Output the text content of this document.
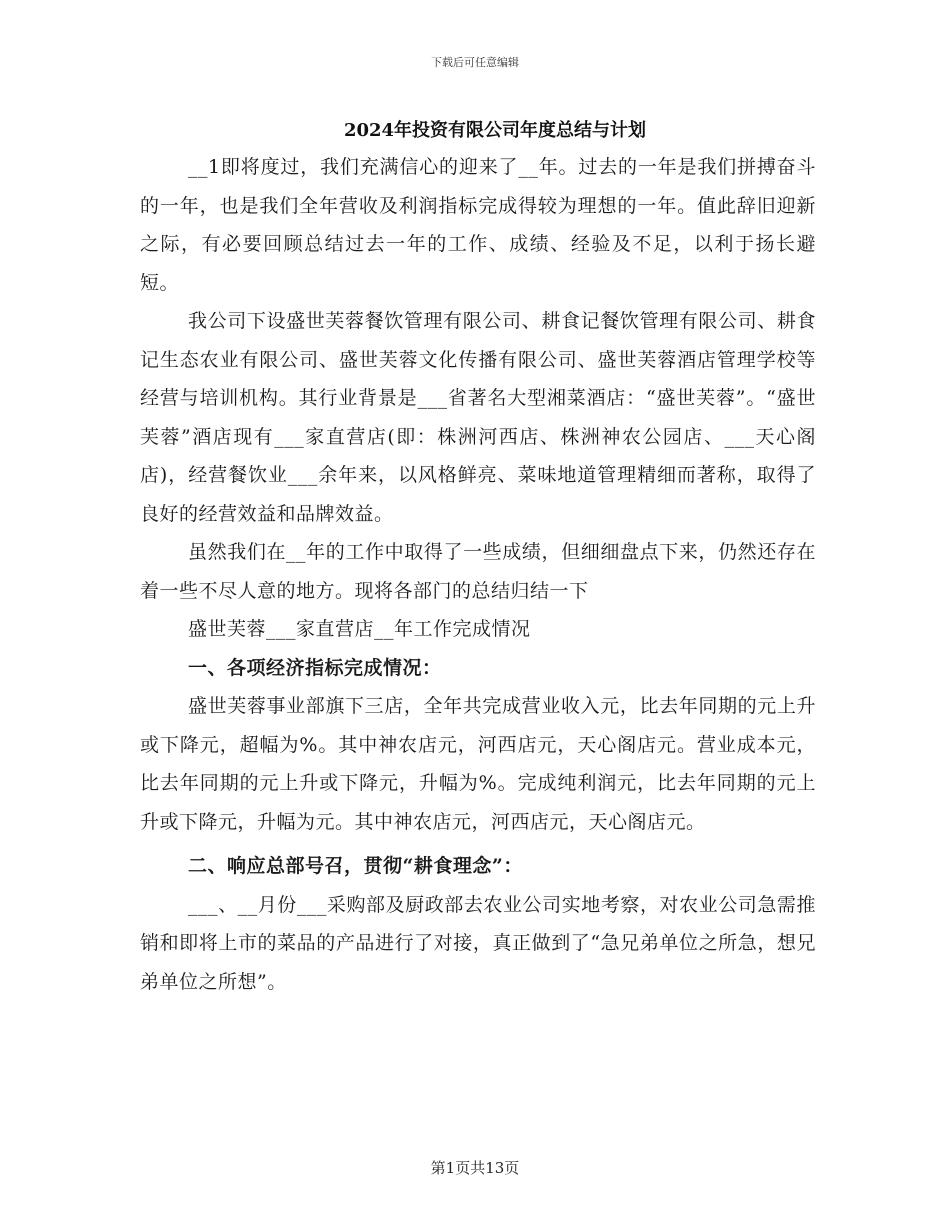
下载后可任意编辑
2024年投资有限公司年度总结与计划

__1即将度过，我们充满信心的迎来了__年。过去的一年是我们拼搏奋斗的一年，也是我们全年营收及利润指标完成得较为理想的一年。值此辞旧迎新之际，有必要回顾总结过去一年的工作、成绩、经验及不足，以利于扬长避短。

我公司下设盛世芙蓉餐饮管理有限公司、耕食记餐饮管理有限公司、耕食记生态农业有限公司、盛世芙蓉文化传播有限公司、盛世芙蓉酒店管理学校等经营与培训机构。其行业背景是___省著名大型湘菜酒店：“盛世芙蓉”。“盛世芙蓉”酒店现有___家直营店(即：株洲河西店、株洲神农公园店、___天心阁店)，经营餐饮业___余年来，以风格鲜亮、菜味地道管理精细而著称，取得了良好的经营效益和品牌效益。

虽然我们在__年的工作中取得了一些成绩，但细细盘点下来，仍然还存在着一些不尽人意的地方。现将各部门的总结归结一下

盛世芙蓉___家直营店__年工作完成情况

一、各项经济指标完成情况：

盛世芙蓉事业部旗下三店，全年共完成营业收入元，比去年同期的元上升或下降元，超幅为%。其中神农店元，河西店元，天心阁店元。营业成本元，比去年同期的元上升或下降元，升幅为%。完成纯利润元，比去年同期的元上升或下降元，升幅为元。其中神农店元，河西店元，天心阁店元。

二、响应总部号召，贯彻“耕食理念”：

___、__月份___采购部及厨政部去农业公司实地考察，对农业公司急需推销和即将上市的菜品的产品进行了对接，真正做到了“急兄弟单位之所急，想兄弟单位之所想”。

第1页共13页
